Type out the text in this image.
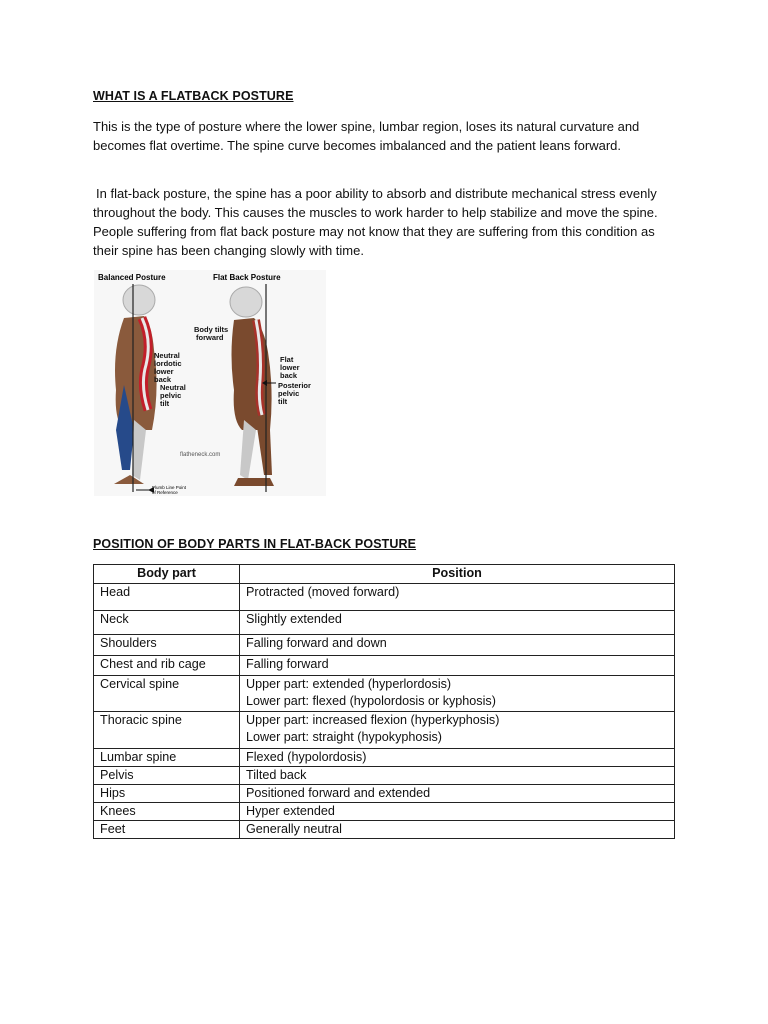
WHAT IS A FLATBACK POSTURE

This is the type of posture where the lower spine, lumbar region, loses its natural curvature and becomes flat overtime. The spine curve becomes imbalanced and the patient leans forward.

In flat-back posture, the spine has a poor ability to absorb and distribute mechanical stress evenly throughout the body. This causes the muscles to work harder to help stabilize and move the spine. People suffering from flat back posture may not know that they are suffering from this condition as their spine has been changing slowly with time.

Balanced Posture	Flat Back Posture
Neutral
lordotic
lower
back
Neutral
pelvic
tilt
Body tilts
forward
Flat
lower
back
Posterior
pelvic
tilt
flatheneck.com
Plumb Line Point
of Reference
POSITION OF BODY PARTS IN FLAT-BACK POSTURE
Body part	Position
Head	Protracted (moved forward)

Neck	Slightly extended

Shoulders	Falling forward and down

Chest and rib cage	Falling forward

Cervical spine	Upper part: extended (hyperlordosis)
Lower part: flexed (hypolordosis or kyphosis)

Thoracic spine	Upper part: increased flexion (hyperkyphosis)
Lower part: straight (hypokyphosis)

Lumbar spine	Flexed (hypolordosis)

Pelvis	Tilted back

Hips	Positioned forward and extended

Knees	Hyper extended

Feet	Generally neutral
